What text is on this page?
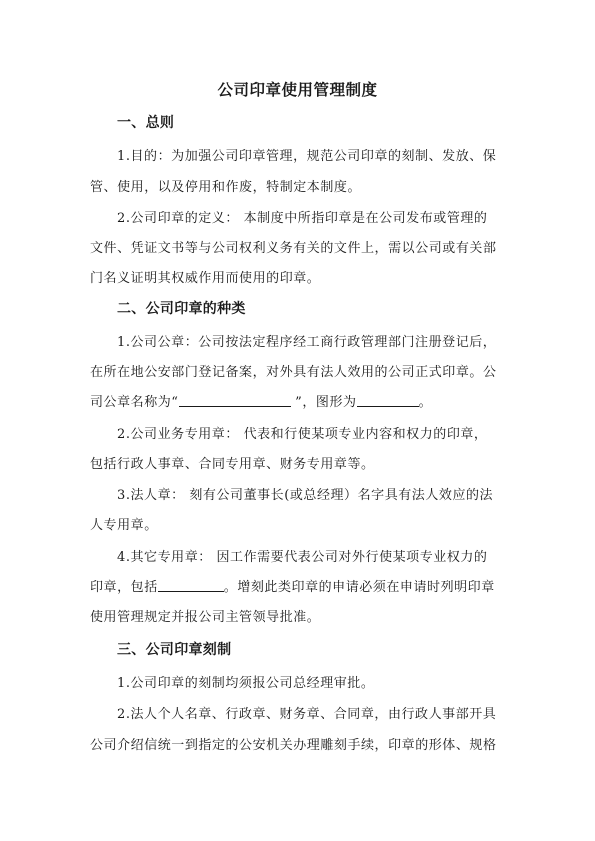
公司印章使用管理制度
一、总则
1.目的：为加强公司印章管理，规范公司印章的刻制、发放、保
管、使用，以及停用和作废，特制定本制度。
2.公司印章的定义： 本制度中所指印章是在公司发布或管理的
文件、凭证文书等与公司权利义务有关的文件上，需以公司或有关部
门名义证明其权威作用而使用的印章。
二、公司印章的种类
1.公司公章：公司按法定程序经工商行政管理部门注册登记后，
在所在地公安部门登记备案，对外具有法人效用的公司正式印章。公
司公章名称为“	”，图形为	。
2.公司业务专用章： 代表和行使某项专业内容和权力的印章，
包括行政人事章、合同专用章、财务专用章等。
3.法人章： 刻有公司董事长(或总经理）名字具有法人效应的法
人专用章。
4.其它专用章： 因工作需要代表公司对外行使某项专业权力的
印章，包括	。增刻此类印章的申请必须在申请时列明印章
使用管理规定并报公司主管领导批准。
三、公司印章刻制
1.公司印章的刻制均须报公司总经理审批。
2.法人个人名章、行政章、财务章、合同章，由行政人事部开具
公司介绍信统一到指定的公安机关办理雕刻手续，印章的形体、规格
